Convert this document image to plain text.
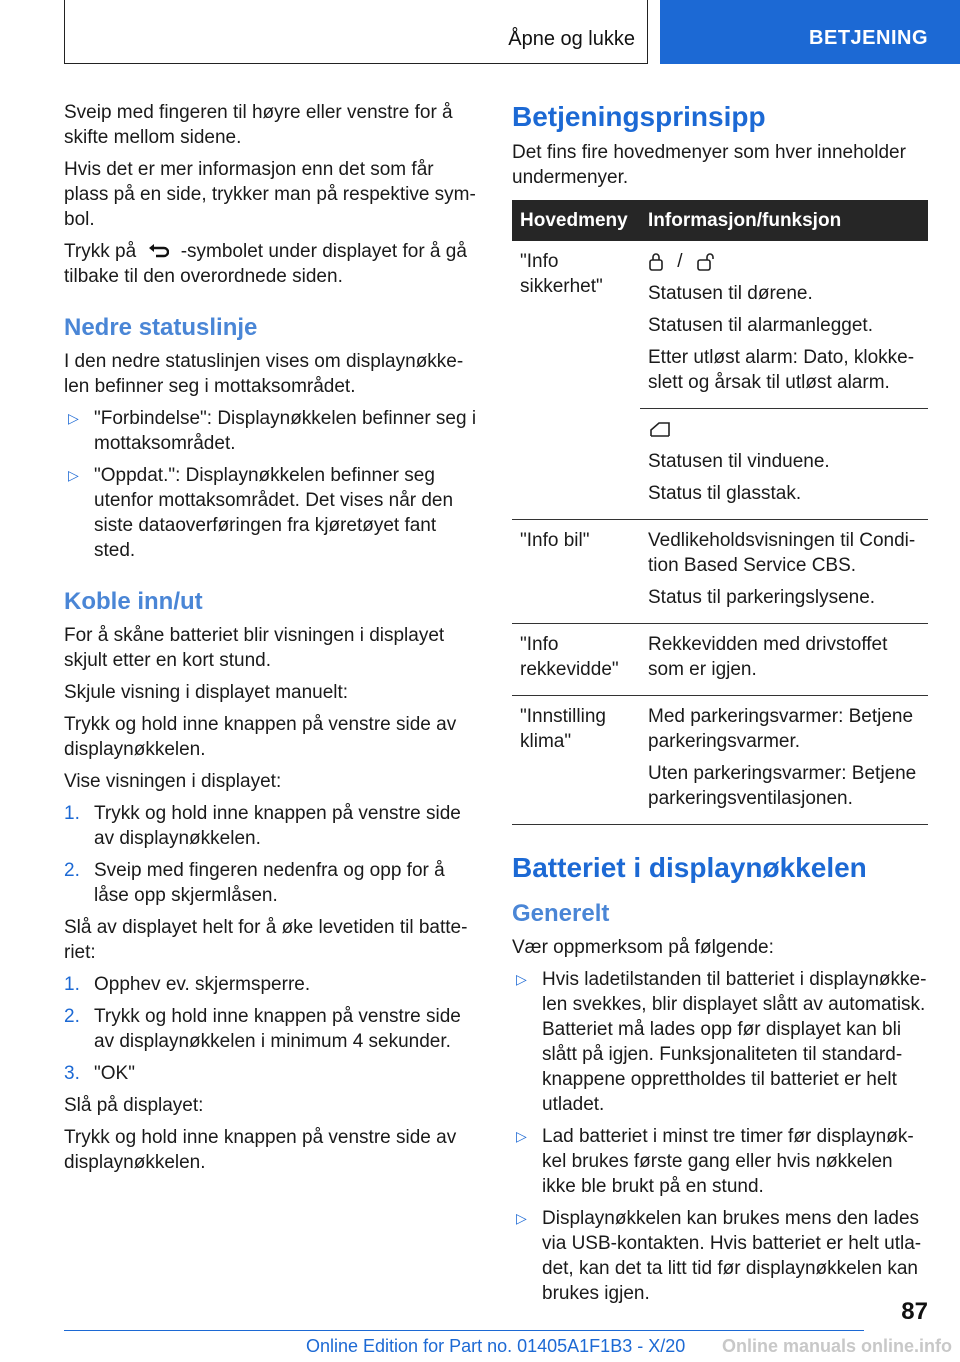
Åpne og lukke	BETJENING

Sveip med fingeren til høyre eller venstre for å skifte mellom sidene.

Hvis det er mer informasjon enn det som får plass på en side, trykker man på respektive symbol.

Trykk på -symbolet under displayet for å gå tilbake til den overordnede siden.

Nedre statuslinje

I den nedre statuslinjen vises om displaynøkkelen befinner seg i mottaksområdet.

▷ "Forbindelse": Displaynøkkelen befinner seg i mottaksområdet.
▷ "Oppdat.": Displaynøkkelen befinner seg utenfor mottaksområdet. Det vises når den siste dataoverføringen fra kjøretøyet fant sted.
Koble inn/ut

For å skåne batteriet blir visningen i displayet skjult etter en kort stund.

Skjule visning i displayet manuelt:

Trykk og hold inne knappen på venstre side av displaynøkkelen.

Vise visningen i displayet:

1. Trykk og hold inne knappen på venstre side av displaynøkkelen.
2. Sveip med fingeren nedenfra og opp for å låse opp skjermlåsen.

Slå av displayet helt for å øke levetiden til batteriet:

1. Opphev ev. skjermsperre.
2. Trykk og hold inne knappen på venstre side av displaynøkkelen i minimum 4 sekunder.
3. "OK"

Slå på displayet:

Trykk og hold inne knappen på venstre side av displaynøkkelen.

Betjeningsprinsipp

Det fins fire hovedmenyer som hver inneholder undermenyer.

Hovedmeny	Informasjon/funksjon
"Info sikkerhet"	/
Statusen til dørene.
Statusen til alarmanlegget.
Etter utløst alarm: Dato, klokkeslett og årsak til utløst alarm.

	Statusen til vinduene.
Status til glasstak.

"Info bil"	Vedlikeholdsvisningen til Condition Based Service CBS.
Status til parkeringslysene.

"Info rekkevidde"	Rekkevidden med drivstoffet som er igjen.

"Innstilling klima"	Med parkeringsvarmer: Betjene parkeringsvarmer.
Uten parkeringsvarmer: Betjene parkeringsventilasjonen.
Batteriet i displaynøkkelen
Generelt

Vær oppmerksom på følgende:

▷ Hvis ladetilstanden til batteriet i displaynøkkelen svekkes, blir displayet slått av automatisk. Batteriet må lades opp før displayet kan bli slått på igjen. Funksjonaliteten til standardknappene opprettholdes til batteriet er helt utladet.
▷ Lad batteriet i minst tre timer før displaynøkkel brukes første gang eller hvis nøkkelen ikke ble brukt på en stund.
▷ Displaynøkkelen kan brukes mens den lades via USB-kontakten. Hvis batteriet er helt utladet, kan det ta litt tid før displaynøkkelen kan brukes igjen.
87
Online Edition for Part no. 01405A1F1B3 - X/20 Online manuals online.info
